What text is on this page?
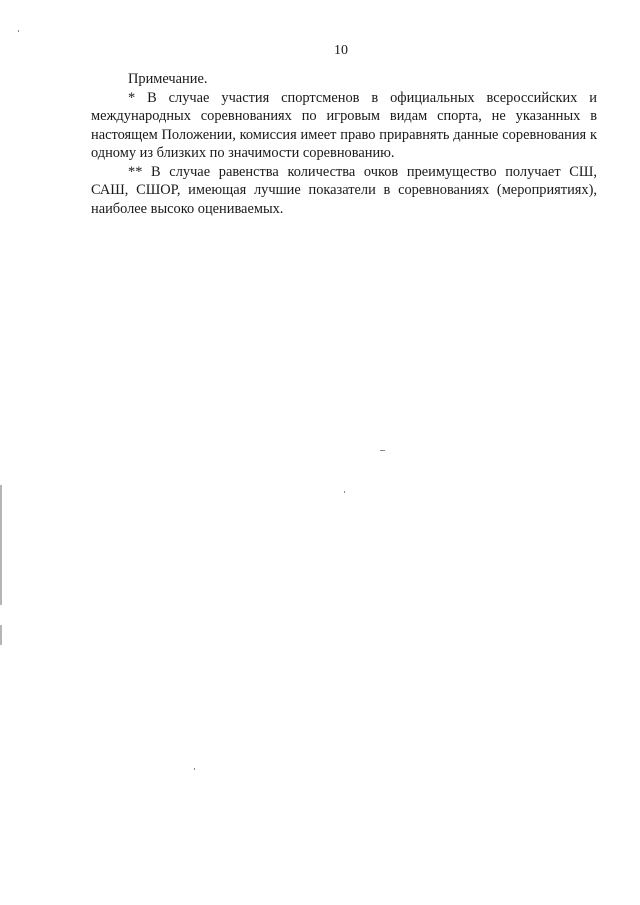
10

Примечание.

* В случае участия спортсменов в официальных всероссийских и международных соревнованиях по игровым видам спорта, не указанных в настоящем Положении, комиссия имеет право приравнять данные соревнования к одному из близких по значимости соревнованию.

** В случае равенства количества очков преимущество получает СШ, САШ, СШОР, имеющая лучшие показатели в соревнованиях (мероприятиях), наиболее высоко оцениваемых.
